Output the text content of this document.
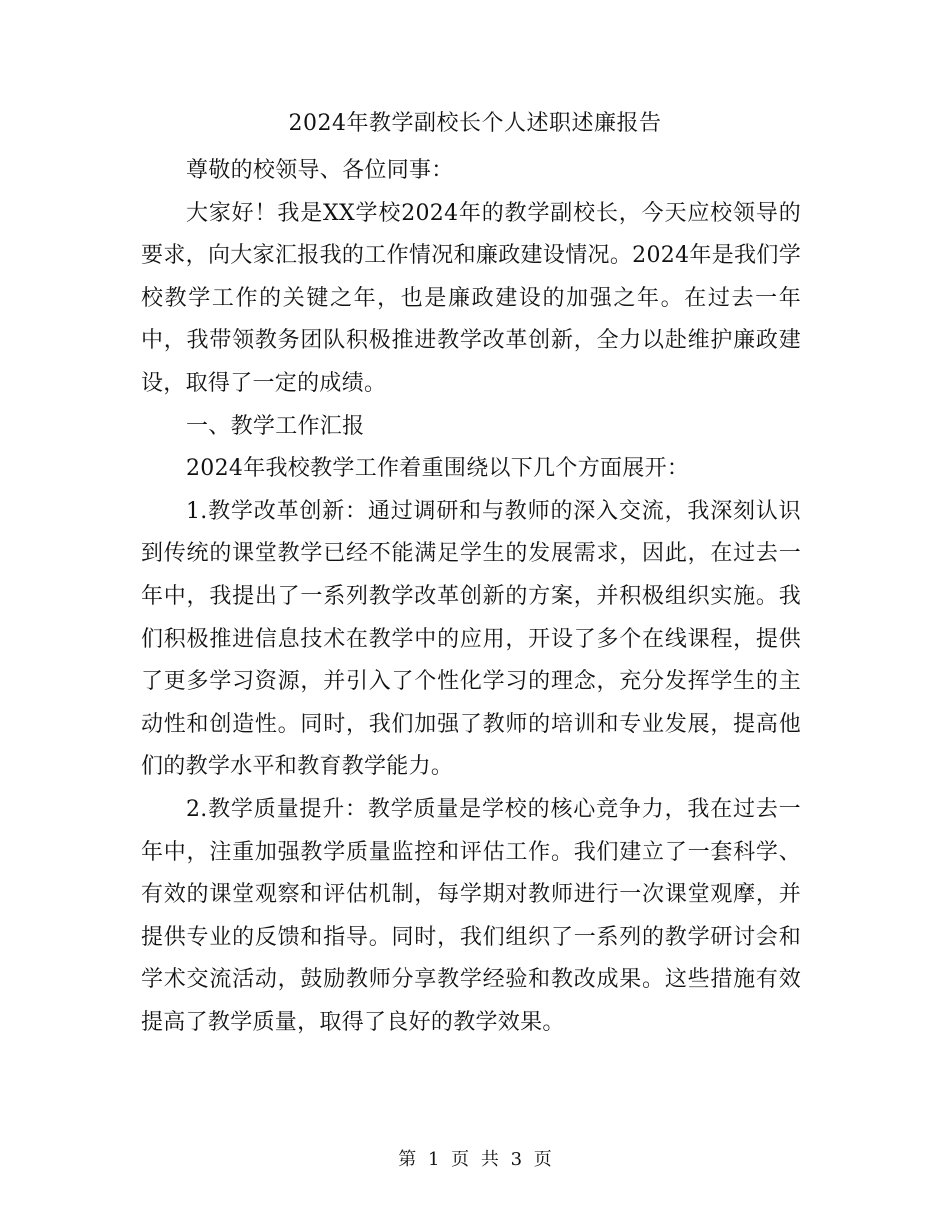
2024年教学副校长个人述职述廉报告

尊敬的校领导、各位同事：

大家好！我是XX学校2024年的教学副校长，今天应校领导的要求，向大家汇报我的工作情况和廉政建设情况。2024年是我们学校教学工作的关键之年，也是廉政建设的加强之年。在过去一年中，我带领教务团队积极推进教学改革创新，全力以赴维护廉政建设，取得了一定的成绩。

一、教学工作汇报

2024年我校教学工作着重围绕以下几个方面展开：

1.教学改革创新：通过调研和与教师的深入交流，我深刻认识到传统的课堂教学已经不能满足学生的发展需求，因此，在过去一年中，我提出了一系列教学改革创新的方案，并积极组织实施。我们积极推进信息技术在教学中的应用，开设了多个在线课程，提供了更多学习资源，并引入了个性化学习的理念，充分发挥学生的主动性和创造性。同时，我们加强了教师的培训和专业发展，提高他们的教学水平和教育教学能力。

2.教学质量提升：教学质量是学校的核心竞争力，我在过去一年中，注重加强教学质量监控和评估工作。我们建立了一套科学、有效的课堂观察和评估机制，每学期对教师进行一次课堂观摩，并提供专业的反馈和指导。同时，我们组织了一系列的教学研讨会和学术交流活动，鼓励教师分享教学经验和教改成果。这些措施有效提高了教学质量，取得了良好的教学效果。

第 1 页 共 3 页
